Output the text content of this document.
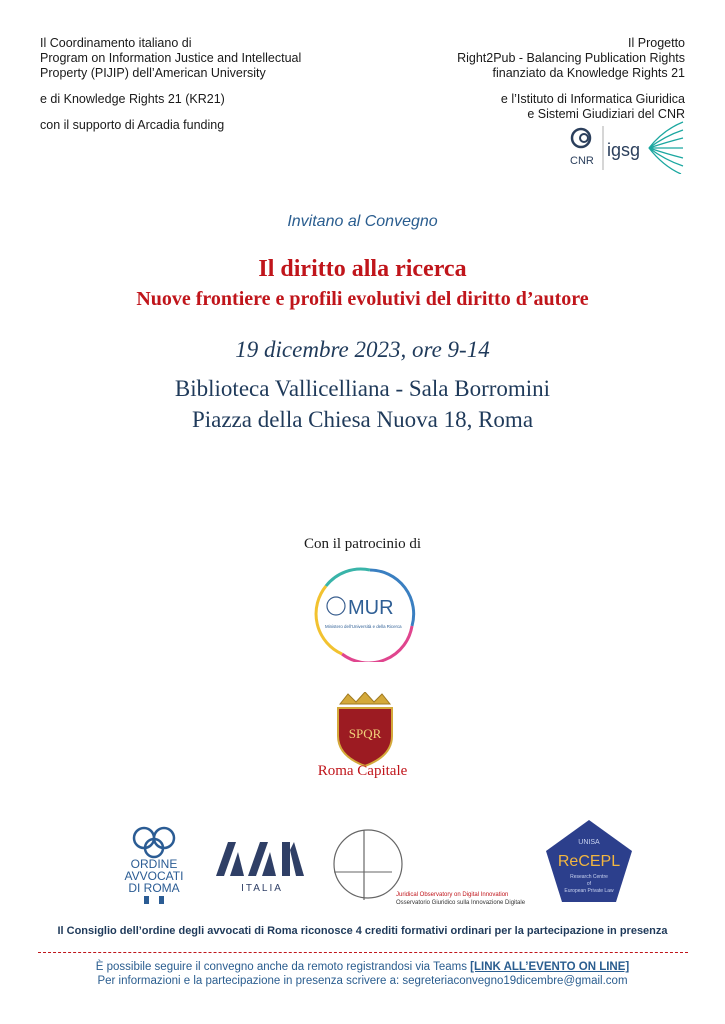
Il Coordinamento italiano di

Program on Information Justice and Intellectual

Property (PIJIP) dell’American University

e di Knowledge Rights 21 (KR21)

con il supporto di Arcadia funding

Il Progetto

Right2Pub - Balancing Publication Rights

finanziato da Knowledge Rights 21

e l’Istituto di Informatica Giuridica

e Sistemi Giudiziari del CNR

CNR
igsg
Invitano al Convegno
Il diritto alla ricerca
Nuove frontiere e profili evolutivi del diritto d’autore
19 dicembre 2023, ore 9-14
Biblioteca Vallicelliana - Sala Borromini
Piazza della Chiesa Nuova 18, Roma
Con il patrocinio di
MUR
Ministero dell’Università e della Ricerca
SPQR
Roma Capitale
ORDINE
AVVOCATI
DI ROMA	ITALIA
Juridical Observatory on Digital Innovation
Osservatorio Giuridico sulla Innovazione Digitale
UNISA
ReCEPL
Research Centre
of
European Private Law
Il Consiglio dell’ordine degli avvocati di Roma riconosce 4 crediti formativi ordinari per la partecipazione in presenza
È possibile seguire il convegno anche da remoto registrandosi via Teams [LINK ALL’EVENTO ON LINE]
Per informazioni e la partecipazione in presenza scrivere a: segreteriaconvegno19dicembre@gmail.com
